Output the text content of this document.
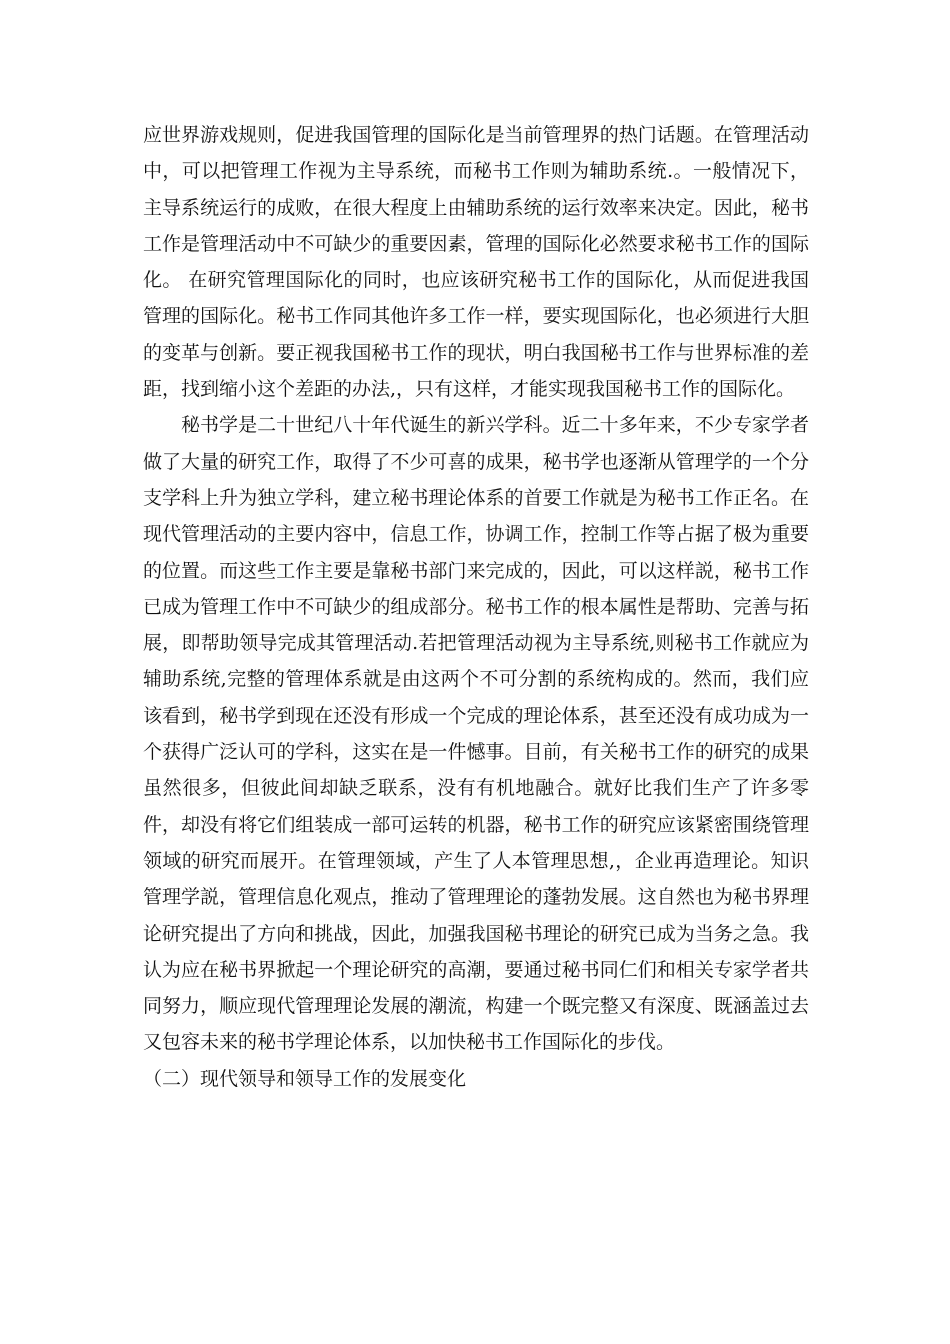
应世界游戏规则，促进我国管理的国际化是当前管理界的热门话题。在管理活动中，可以把管理工作视为主导系统，而秘书工作则为辅助系统.。一般情况下，主导系统运行的成败，在很大程度上由辅助系统的运行效率来决定。因此，秘书工作是管理活动中不可缺少的重要因素，管理的国际化必然要求秘书工作的国际化。 在研究管理国际化的同时，也应该研究秘书工作的国际化，从而促进我国管理的国际化。秘书工作同其他许多工作一样，要实现国际化，也必须进行大胆的变革与创新。要正视我国秘书工作的现状，明白我国秘书工作与世界标准的差距，找到缩小这个差距的办法,，只有这样，才能实现我国秘书工作的国际化。

秘书学是二十世纪八十年代诞生的新兴学科。近二十多年来，不少专家学者做了大量的研究工作，取得了不少可喜的成果，秘书学也逐渐从管理学的一个分支学科上升为独立学科，建立秘书理论体系的首要工作就是为秘书工作正名。在现代管理活动的主要内容中，信息工作，协调工作，控制工作等占据了极为重要的位置。而这些工作主要是靠秘书部门来完成的，因此，可以这样説，秘书工作已成为管理工作中不可缺少的组成部分。秘书工作的根本属性是帮助、完善与拓展，即帮助领导完成其管理活动.若把管理活动视为主导系统,则秘书工作就应为辅助系统,完整的管理体系就是由这两个不可分割的系统构成的。然而，我们应该看到，秘书学到现在还没有形成一个完成的理论体系，甚至还没有成功成为一个获得广泛认可的学科，这实在是一件憾事。目前，有关秘书工作的研究的成果虽然很多，但彼此间却缺乏联系，没有有机地融合。就好比我们生产了许多零件，却没有将它们组装成一部可运转的机器，秘书工作的研究应该紧密围绕管理领域的研究而展开。在管理领域，产生了人本管理思想,，企业再造理论。知识管理学説，管理信息化观点，推动了管理理论的蓬勃发展。这自然也为秘书界理论研究提出了方向和挑战，因此，加强我国秘书理论的研究已成为当务之急。我认为应在秘书界掀起一个理论研究的高潮，要通过秘书同仁们和相关专家学者共同努力，顺应现代管理理论发展的潮流，构建一个既完整又有深度、既涵盖过去又包容未来的秘书学理论体系，以加快秘书工作国际化的步伐。

（二）现代领导和领导工作的发展变化
